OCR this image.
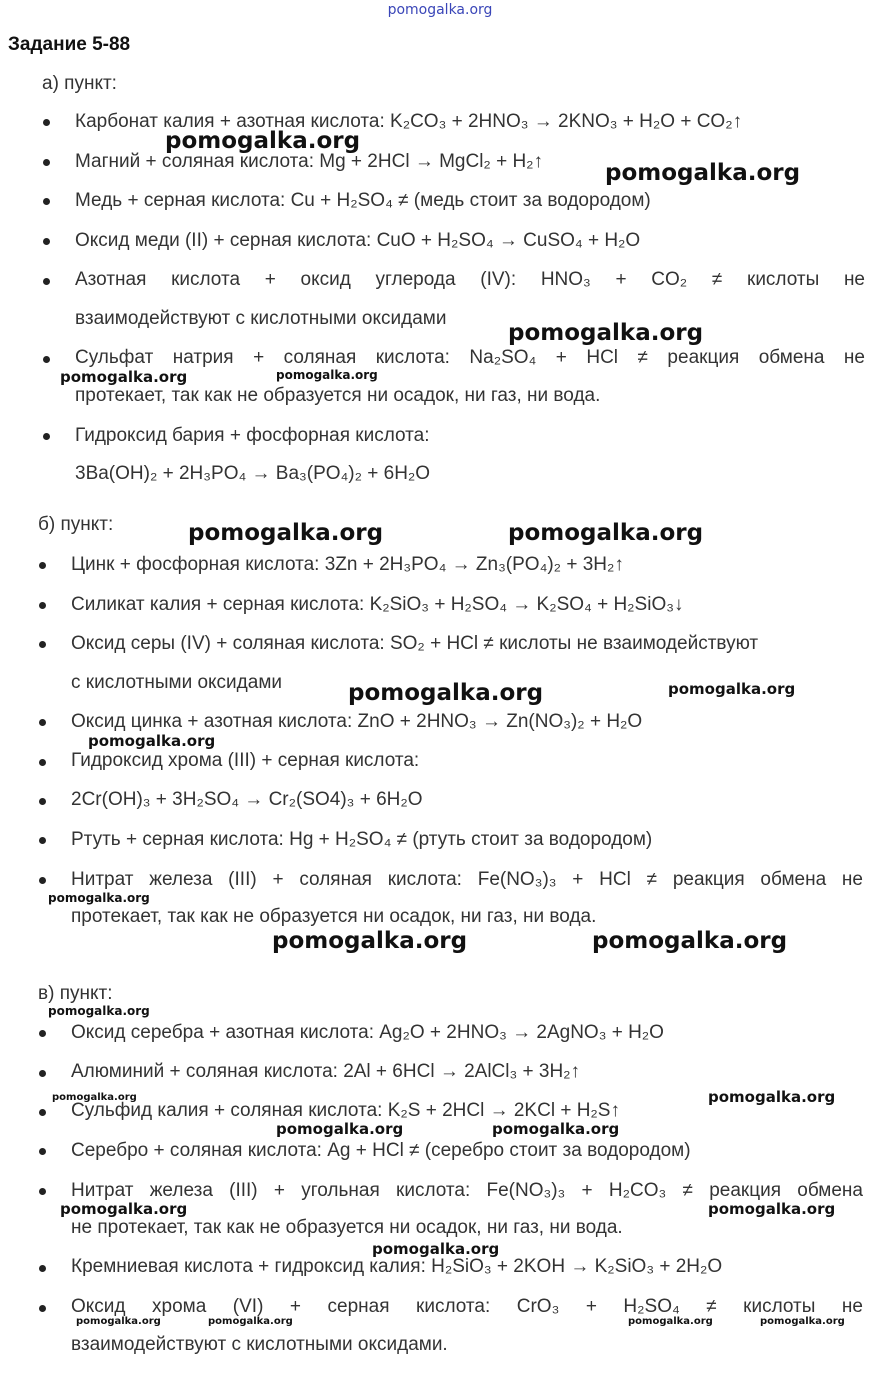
pomogalka.org
Задание 5-88
а) пункт:
Карбонат калия + азотная кислота: K₂CO₃ + 2HNO₃ → 2KNO₃ + H₂O + CO₂↑
Магний + соляная кислота: Mg + 2HCl → MgCl₂ + H₂↑
Медь + серная кислота: Cu + H₂SO₄ ≠ (медь стоит за водородом)
Оксид меди (II) + серная кислота: CuO + H₂SO₄ → CuSO₄ + H₂O
Азотная кислота + оксид углерода (IV): HNO₃ + CO₂ ≠ кислоты не
взаимодействуют с кислотными оксидами
Сульфат натрия + соляная кислота: Na₂SO₄ + HCl ≠ реакция обмена не
протекает, так как не образуется ни осадок, ни газ, ни вода.
Гидроксид бария + фосфорная кислота:
3Ba(OH)₂ + 2H₃PO₄ → Ba₃(PO₄)₂ + 6H₂O
б) пункт:
Цинк + фосфорная кислота: 3Zn + 2H₃PO₄ → Zn₃(PO₄)₂ + 3H₂↑
Силикат калия + серная кислота: K₂SiO₃ + H₂SO₄ → K₂SO₄ + H₂SiO₃↓
Оксид серы (IV) + соляная кислота: SO₂ + HCl ≠ кислоты не взаимодействуют
с кислотными оксидами
Оксид цинка + азотная кислота: ZnO + 2HNO₃ → Zn(NO₃)₂ + H₂O
Гидроксид хрома (III) + серная кислота:
2Cr(OH)₃ + 3H₂SO₄ → Cr₂(SO4)₃ + 6H₂O
Ртуть + серная кислота: Hg + H₂SO₄ ≠ (ртуть стоит за водородом)
Нитрат железа (III) + соляная кислота: Fe(NO₃)₃ + HCl ≠ реакция обмена не
протекает, так как не образуется ни осадок, ни газ, ни вода.
в) пункт:
Оксид серебра + азотная кислота: Ag₂O + 2HNO₃ → 2AgNO₃ + H₂O
Алюминий + соляная кислота: 2Al + 6HCl → 2AlCl₃ + 3H₂↑
Сульфид калия + соляная кислота: K₂S + 2HCl → 2KCl + H₂S↑
Серебро + соляная кислота: Ag + HCl ≠ (серебро стоит за водородом)
Нитрат железа (III) + угольная кислота: Fe(NO₃)₃ + H₂CO₃ ≠ реакция обмена
не протекает, так как не образуется ни осадок, ни газ, ни вода.
Кремниевая кислота + гидроксид калия: H₂SiO₃ + 2KOH → K₂SiO₃ + 2H₂O
Оксид хрома (VI) + серная кислота: CrO₃ + H₂SO₄ ≠ кислоты не
взаимодействуют с кислотными оксидами.
pomogalka.org
pomogalka.org
pomogalka.org
pomogalka.org	pomogalka.org
pomogalka.org	pomogalka.org
pomogalka.org	pomogalka.org
pomogalka.org
pomogalka.org
pomogalka.org	pomogalka.org
pomogalka.org
pomogalka.org	pomogalka.org
pomogalka.org	pomogalka.org
pomogalka.org	pomogalka.org
pomogalka.org
pomogalka.org	pomogalka.org	pomogalka.org	pomogalka.org
